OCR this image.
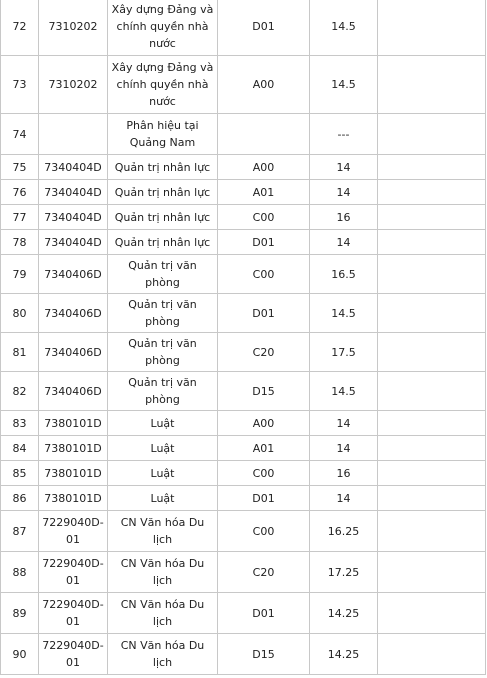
72	7310202	Xây dựng Đảng và chính quyền nhà nước	D01	14.5	
73	7310202	Xây dựng Đảng và chính quyền nhà nước	A00	14.5	
74		Phân hiệu tại Quảng Nam		---	
75	7340404D	Quản trị nhân lực	A00	14	
76	7340404D	Quản trị nhân lực	A01	14	
77	7340404D	Quản trị nhân lực	C00	16	
78	7340404D	Quản trị nhân lực	D01	14	
79	7340406D	Quản trị văn phòng	C00	16.5	
80	7340406D	Quản trị văn phòng	D01	14.5	
81	7340406D	Quản trị văn phòng	C20	17.5	
82	7340406D	Quản trị văn phòng	D15	14.5	
83	7380101D	Luật	A00	14	
84	7380101D	Luật	A01	14	
85	7380101D	Luật	C00	16	
86	7380101D	Luật	D01	14	
87	7229040D-01	CN Văn hóa Du lịch	C00	16.25	
88	7229040D-01	CN Văn hóa Du lịch	C20	17.25	
89	7229040D-01	CN Văn hóa Du lịch	D01	14.25	
90	7229040D-01	CN Văn hóa Du lịch	D15	14.25	
